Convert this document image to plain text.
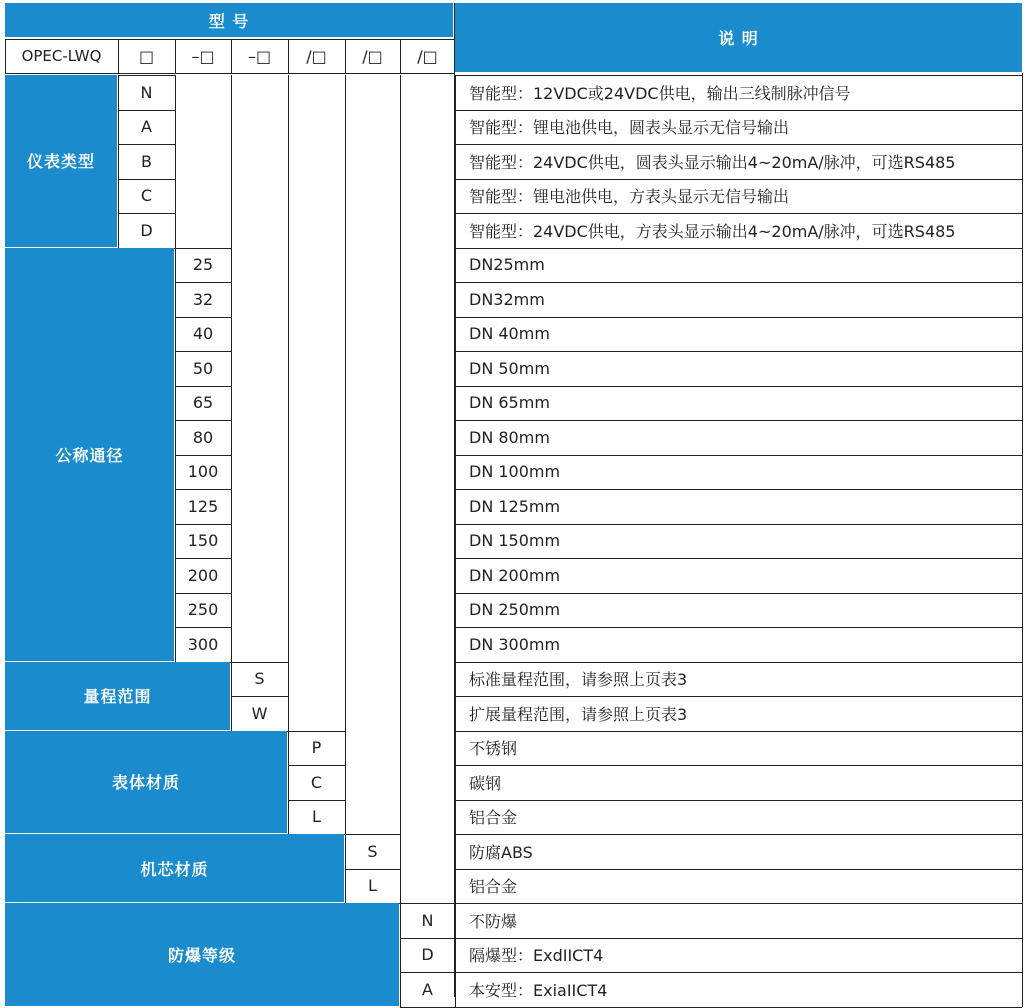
型 号
说 明
OPEC-LWQ	□	–□	–□	/□	/□	/□
仪表类型
N	智能型：12VDC或24VDC供电，输出三线制脉冲信号
A	智能型：锂电池供电，圆表头显示无信号输出
B	智能型：24VDC供电，圆表头显示输出4~20mA/脉冲，可选RS485
C	智能型：锂电池供电，方表头显示无信号输出
D	智能型：24VDC供电，方表头显示输出4~20mA/脉冲，可选RS485
公称通径
25	DN25mm
32	DN32mm
40	DN 40mm
50	DN 50mm
65	DN 65mm
80	DN 80mm
100	DN 100mm
125	DN 125mm
150	DN 150mm
200	DN 200mm
250	DN 250mm
300	DN 300mm
量程范围
S	标准量程范围，请参照上页表3
W	扩展量程范围，请参照上页表3
表体材质
P	不锈钢
C	碳钢
L	铝合金
机芯材质
S	防腐ABS
L	铝合金
防爆等级
N	不防爆
D	隔爆型：ExdIICT4
A	本安型：ExiaIICT4
